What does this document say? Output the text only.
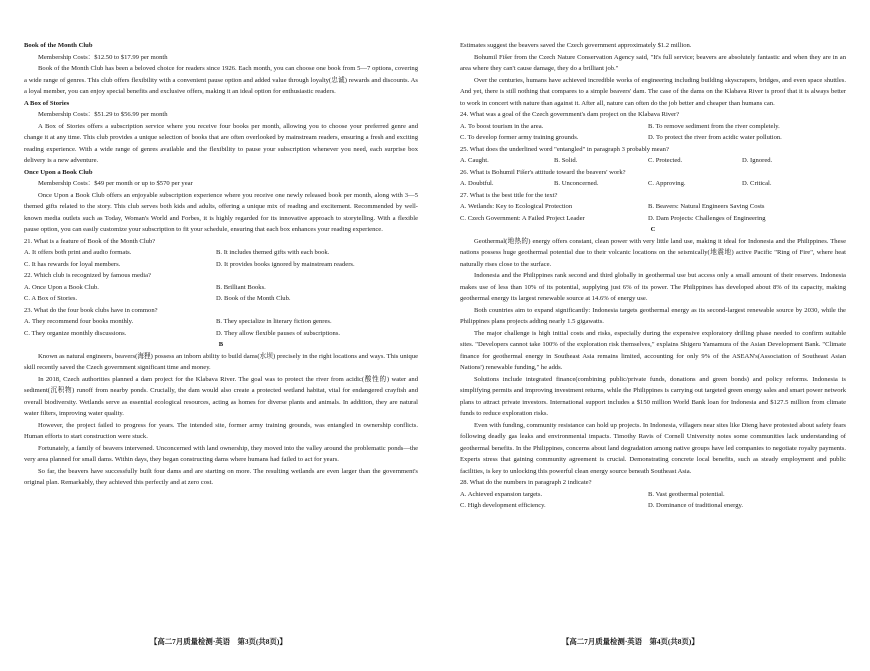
Book of the Month Club

Membership Costs：$12.50 to $17.99 per month

Book of the Month Club has been a beloved choice for readers since 1926. Each month, you can choose one book from 5—7 options, covering a wide range of genres. This club offers flexibility with a convenient pause option and added value through loyalty(忠诚) rewards and discounts. As a loyal member, you can enjoy special benefits and exclusive offers, making it an ideal option for enthusiastic readers.

A Box of Stories

Membership Costs：$51.29 to $56.99 per month

A Box of Stories offers a subscription service where you receive four books per month, allowing you to choose your preferred genre and change it at any time. This club provides a unique selection of books that are often overlooked by mainstream readers, ensuring a fresh and exciting reading experience. With a wide range of genres available and the flexibility to pause your subscription whenever you need, each surprise box delivery is a new adventure.

Once Upon a Book Club

Membership Costs：$49 per month or up to $570 per year

Once Upon a Book Club offers an enjoyable subscription experience where you receive one newly released book per month, along with 3—5 themed gifts related to the story. This club serves both kids and adults, offering a unique mix of reading and excitement. Recommended by well-known media outlets such as Today, Woman's World and Forbes, it is highly regarded for its innovative approach to storytelling. With a flexible pause option, you can easily customize your subscription to fit your schedule, ensuring that each box enhances your reading experience.

21. What is a feature of Book of the Month Club?

A. It offers both print and audio formats.	B. It includes themed gifts with each book.
C. It has rewards for loyal members.	D. It provides books ignored by mainstream readers.

22. Which club is recognized by famous media?

A. Once Upon a Book Club.	B. Brilliant Books.
C. A Box of Stories.	D. Book of the Month Club.

23. What do the four book clubs have in common?

A. They recommend four books monthly.	B. They specialize in literary fiction genres.
C. They organize monthly discussions.	D. They allow flexible pauses of subscriptions.

B

Known as natural engineers, beavers(海狸) possess an inborn ability to build dams(水坝) precisely in the right locations and ways. This unique skill recently saved the Czech government significant time and money.

In 2018, Czech authorities planned a dam project for the Klabava River. The goal was to protect the river from acidic(酸性的) water and sediment(沉积物) runoff from nearby ponds. Crucially, the dam would also create a protected wetland habitat, vital for endangered crayfish and overall biodiversity. Wetlands serve as essential ecological resources, acting as homes for diverse plants and animals. In addition, they are natural water filters, improving water quality.

However, the project failed to progress for years. The intended site, former army training grounds, was entangled in ownership conflicts. Human efforts to start construction were stuck.

Fortunately, a family of beavers intervened. Unconcerned with land ownership, they moved into the valley around the problematic ponds—the very area planned for small dams. Within days, they began constructing dams where humans had failed to act for years.

So far, the beavers have successfully built four dams and are starting on more. The resulting wetlands are even larger than the government's original plan. Remarkably, they achieved this perfectly and at zero cost.

Estimates suggest the beavers saved the Czech government approximately $1.2 million.

Bohumil Fišer from the Czech Nature Conservation Agency said, "It's full service; beavers are absolutely fantastic and when they are in an area where they can't cause damage, they do a brilliant job."

Over the centuries, humans have achieved incredible works of engineering including building skyscrapers, bridges, and even space shuttles. And yet, there is still nothing that compares to a simple beavers' dam. The case of the dams on the Klabava River is proof that it is always better to work in concert with nature than against it. After all, nature can often do the job better and cheaper than humans can.

24. What was a goal of the Czech government's dam project on the Klabava River?

A. To boost tourism in the area.	B. To remove sediment from the river completely.
C. To develop former army training grounds.	D. To protect the river from acidic water pollution.

25. What does the underlined word "entangled" in paragraph 3 probably mean?

A. Caught.	B. Solid.	C. Protected.	D. Ignored.

26. What is Bohumil Fišer's attitude toward the beavers' work?

A. Doubtful.	B. Unconcerned.	C. Approving.	D. Critical.

27. What is the best title for the text?

A. Wetlands: Key to Ecological Protection	B. Beavers: Natural Engineers Saving Costs
C. Czech Government: A Failed Project Leader	D. Dam Projects: Challenges of Engineering

C

Geothermal(地热的) energy offers constant, clean power with very little land use, making it ideal for Indonesia and the Philippines. These nations possess huge geothermal potential due to their volcanic locations on the seismically(地震地) active Pacific "Ring of Fire", where heat naturally rises close to the surface.

Indonesia and the Philippines rank second and third globally in geothermal use but access only a small amount of their reserves. Indonesia makes use of less than 10% of its potential, supplying just 6% of its power. The Philippines has developed about 8% of its capacity, making geothermal energy its largest renewable source at 14.6% of energy use.

Both countries aim to expand significantly: Indonesia targets geothermal energy as its second-largest renewable source by 2030, while the Philippines plans projects adding nearly 1.5 gigawatts.

The major challenge is high initial costs and risks, especially during the expensive exploratory drilling phase needed to confirm suitable sites. "Developers cannot take 100% of the exploration risk themselves," explains Shigeru Yamamura of the Asian Development Bank. "Climate finance for geothermal energy in Southeast Asia remains limited, accounting for only 9% of the ASEAN's(Association of Southeast Asian Nations') renewable funding," he adds.

Solutions include integrated finance(combining public/private funds, donations and green bonds) and policy reforms. Indonesia is simplifying permits and improving investment returns, while the Philippines is carrying out targeted green energy sales and smart power network plans to attract private investors. International support includes a $150 million World Bank loan for Indonesia and $127.5 million from climate funds to reduce exploration risks.

Even with funding, community resistance can hold up projects. In Indonesia, villagers near sites like Dieng have protested about safety fears following deadly gas leaks and environmental impacts. Timothy Ravis of Cornell University notes some communities lack understanding of geothermal benefits. In the Philippines, concerns about land degradation among native groups have led companies to negotiate royalty payments. Experts stress that gaining community agreement is crucial. Demonstrating concrete local benefits, such as steady employment and public facilities, is key to unlocking this powerful clean energy source beneath Southeast Asia.

28. What do the numbers in paragraph 2 indicate?

A. Achieved expansion targets.	B. Vast geothermal potential.
C. High development efficiency.	D. Dominance of traditional energy.
【高二7月质量检测·英语　第3页(共8页)】	【高二7月质量检测·英语　第4页(共8页)】
